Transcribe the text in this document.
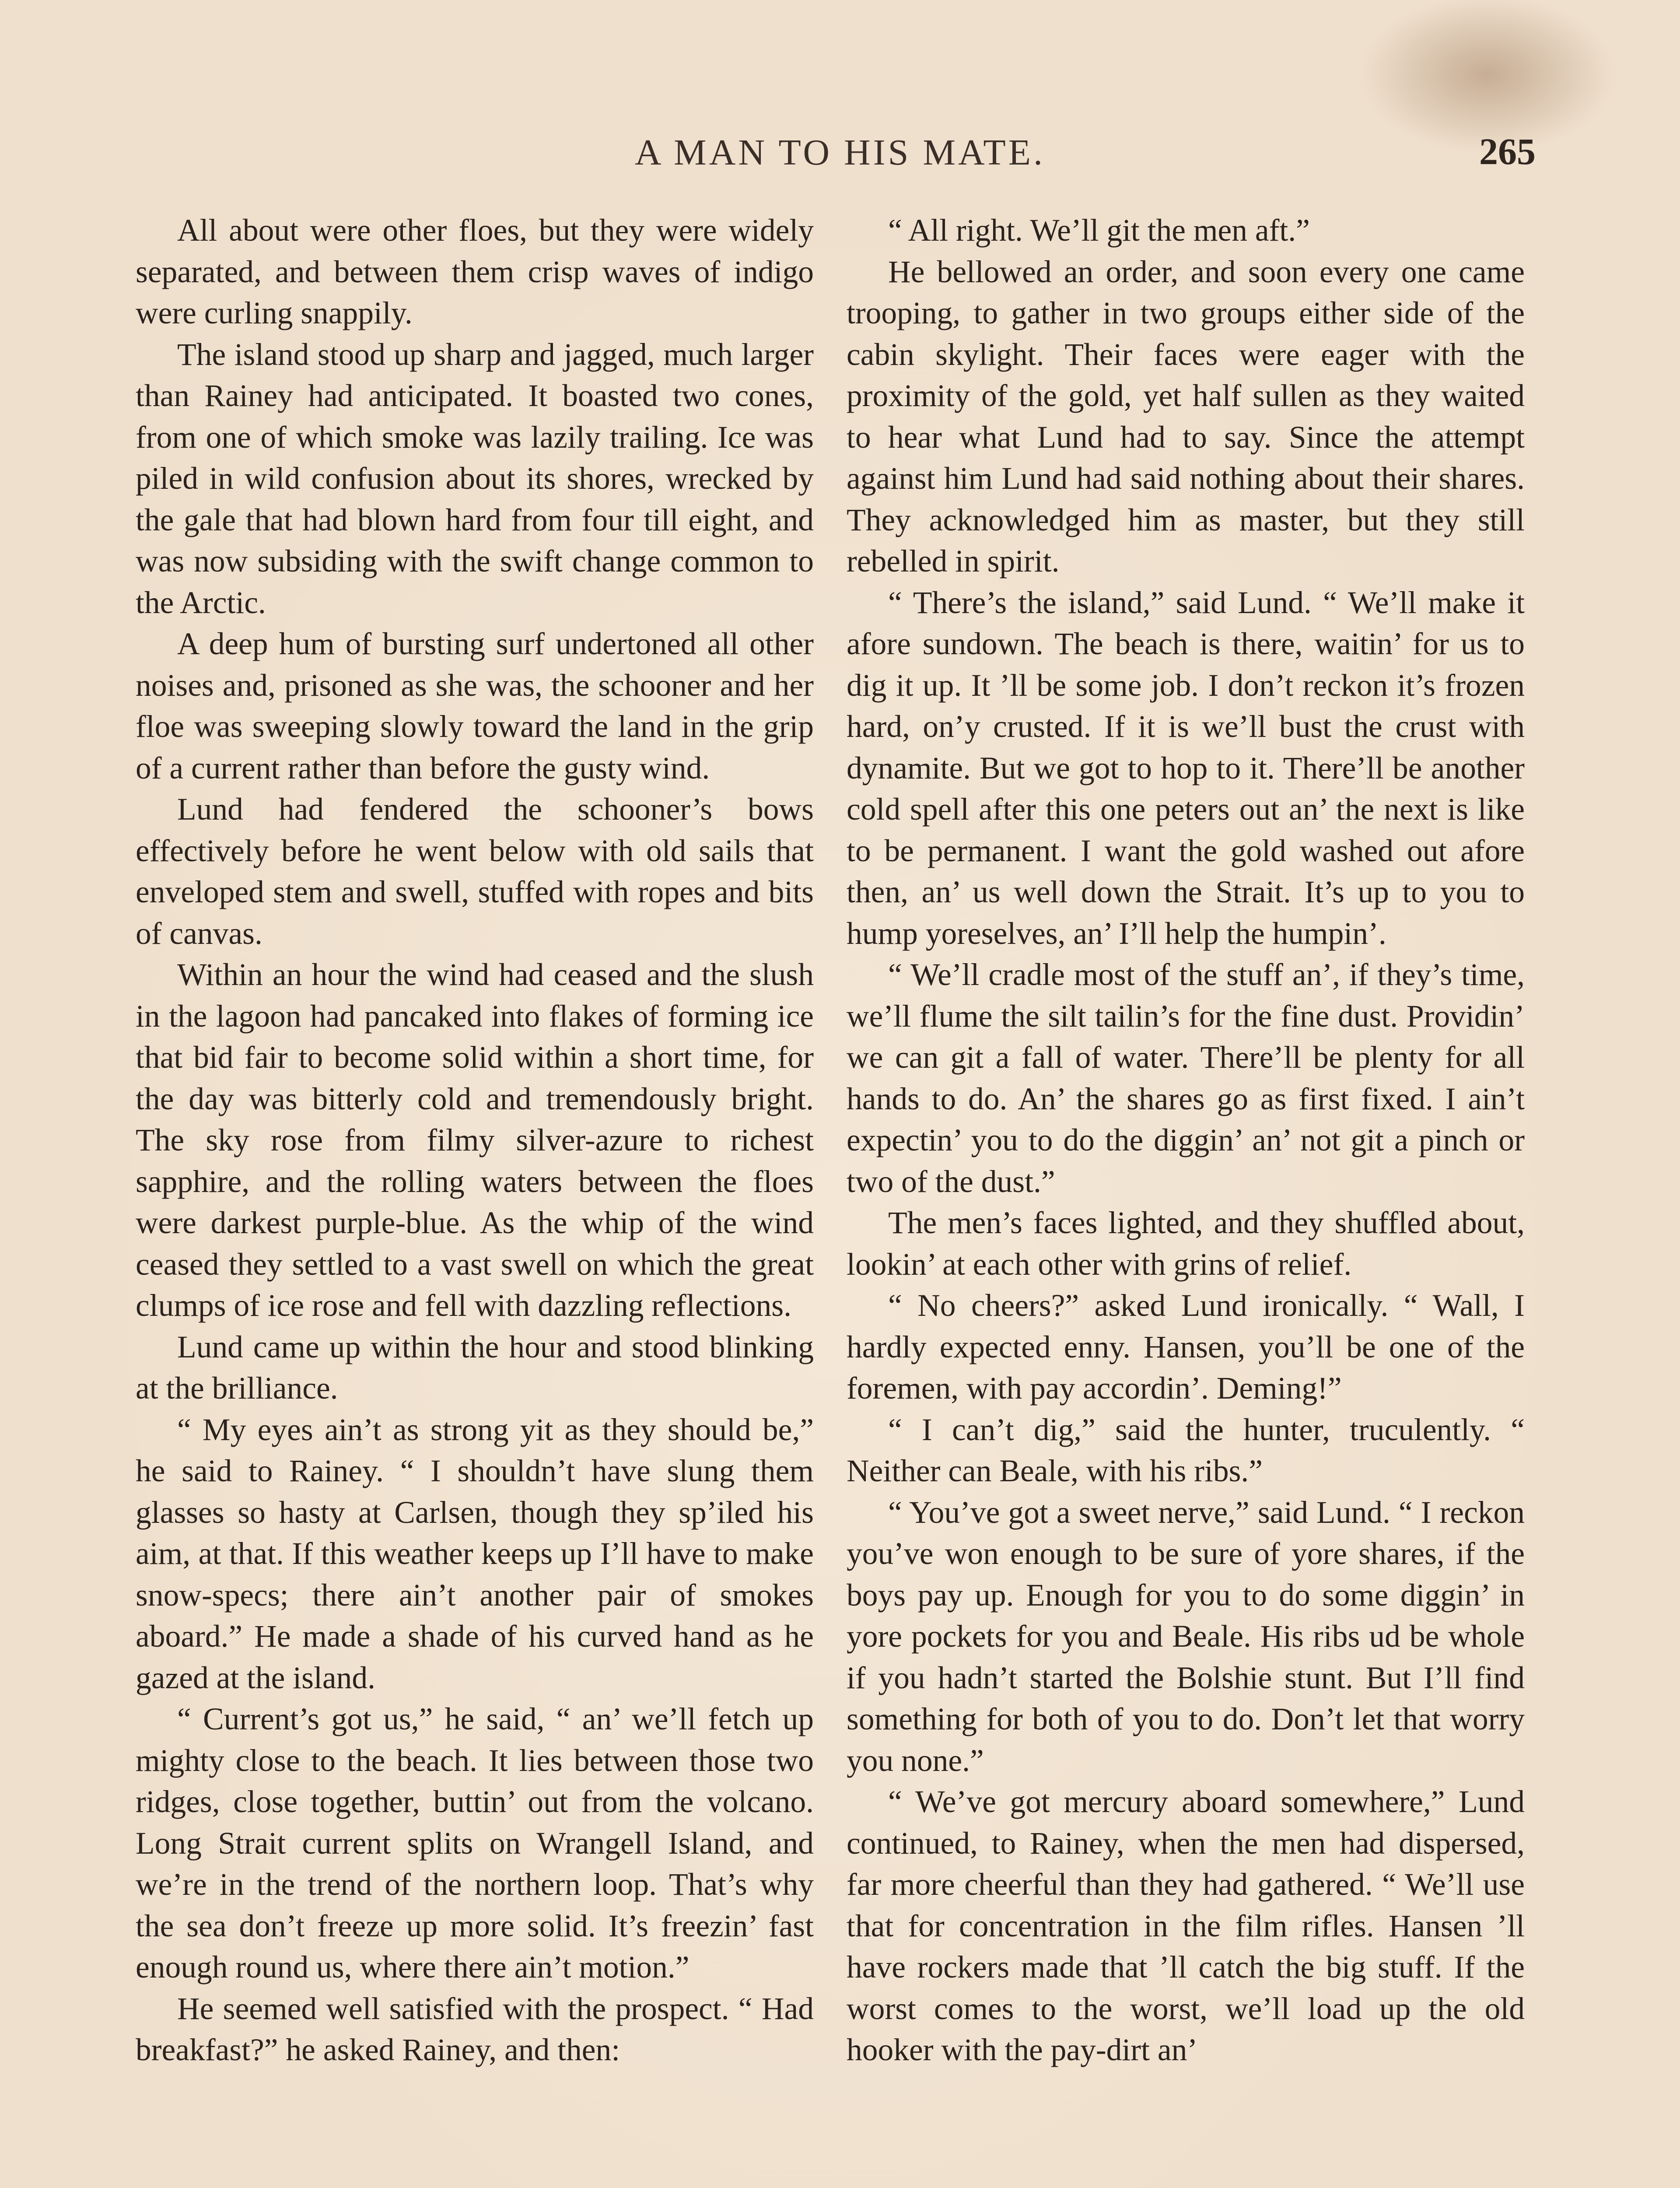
A MAN TO HIS MATE.	265

All about were other floes, but they were widely separated, and between them crisp waves of indigo were curling snappily.

The island stood up sharp and jagged, much larger than Rainey had anticipated. It boasted two cones, from one of which smoke was lazily trailing. Ice was piled in wild confusion about its shores, wrecked by the gale that had blown hard from four till eight, and was now subsiding with the swift change common to the Arctic.

A deep hum of bursting surf undertoned all other noises and, prisoned as she was, the schooner and her floe was sweeping slowly toward the land in the grip of a current rather than before the gusty wind.

Lund had fendered the schooner’s bows effectively before he went below with old sails that enveloped stem and swell, stuffed with ropes and bits of canvas.

Within an hour the wind had ceased and the slush in the lagoon had pancaked into flakes of forming ice that bid fair to become solid within a short time, for the day was bitterly cold and tremendously bright. The sky rose from filmy silver-azure to richest sapphire, and the rolling waters between the floes were darkest purple-blue. As the whip of the wind ceased they settled to a vast swell on which the great clumps of ice rose and fell with dazzling reflections.

Lund came up within the hour and stood blinking at the brilliance.

“ My eyes ain’t as strong yit as they should be,” he said to Rainey. “ I shouldn’t have slung them glasses so hasty at Carlsen, though they sp’iled his aim, at that. If this weather keeps up I’ll have to make snow-specs; there ain’t another pair of smokes aboard.” He made a shade of his curved hand as he gazed at the island.

“ Current’s got us,” he said, “ an’ we’ll fetch up mighty close to the beach. It lies between those two ridges, close together, buttin’ out from the volcano. Long Strait current splits on Wrangell Island, and we’re in the trend of the northern loop. That’s why the sea don’t freeze up more solid. It’s freezin’ fast enough round us, where there ain’t motion.”

He seemed well satisfied with the prospect. “ Had breakfast?” he asked Rainey, and then:

“ All right. We’ll git the men aft.”

He bellowed an order, and soon every one came trooping, to gather in two groups either side of the cabin skylight. Their faces were eager with the proximity of the gold, yet half sullen as they waited to hear what Lund had to say. Since the attempt against him Lund had said nothing about their shares. They acknowledged him as master, but they still rebelled in spirit.

“ There’s the island,” said Lund. “ We’ll make it afore sundown. The beach is there, waitin’ for us to dig it up. It ’ll be some job. I don’t reckon it’s frozen hard, on’y crusted. If it is we’ll bust the crust with dynamite. But we got to hop to it. There’ll be another cold spell after this one peters out an’ the next is like to be permanent. I want the gold washed out afore then, an’ us well down the Strait. It’s up to you to hump yoreselves, an’ I’ll help the humpin’.

“ We’ll cradle most of the stuff an’, if they’s time, we’ll flume the silt tailin’s for the fine dust. Providin’ we can git a fall of water. There’ll be plenty for all hands to do. An’ the shares go as first fixed. I ain’t expectin’ you to do the diggin’ an’ not git a pinch or two of the dust.”

The men’s faces lighted, and they shuffled about, lookin’ at each other with grins of relief.

“ No cheers?” asked Lund ironically. “ Wall, I hardly expected enny. Hansen, you’ll be one of the foremen, with pay accordin’. Deming!”

“ I can’t dig,” said the hunter, truculently. “ Neither can Beale, with his ribs.”

“ You’ve got a sweet nerve,” said Lund. “ I reckon you’ve won enough to be sure of yore shares, if the boys pay up. Enough for you to do some diggin’ in yore pockets for you and Beale. His ribs ud be whole if you hadn’t started the Bolshie stunt. But I’ll find something for both of you to do. Don’t let that worry you none.”

“ We’ve got mercury aboard somewhere,” Lund continued, to Rainey, when the men had dispersed, far more cheerful than they had gathered. “ We’ll use that for concentration in the film rifles. Hansen ’ll have rockers made that ’ll catch the big stuff. If the worst comes to the worst, we’ll load up the old hooker with the pay-dirt an’
